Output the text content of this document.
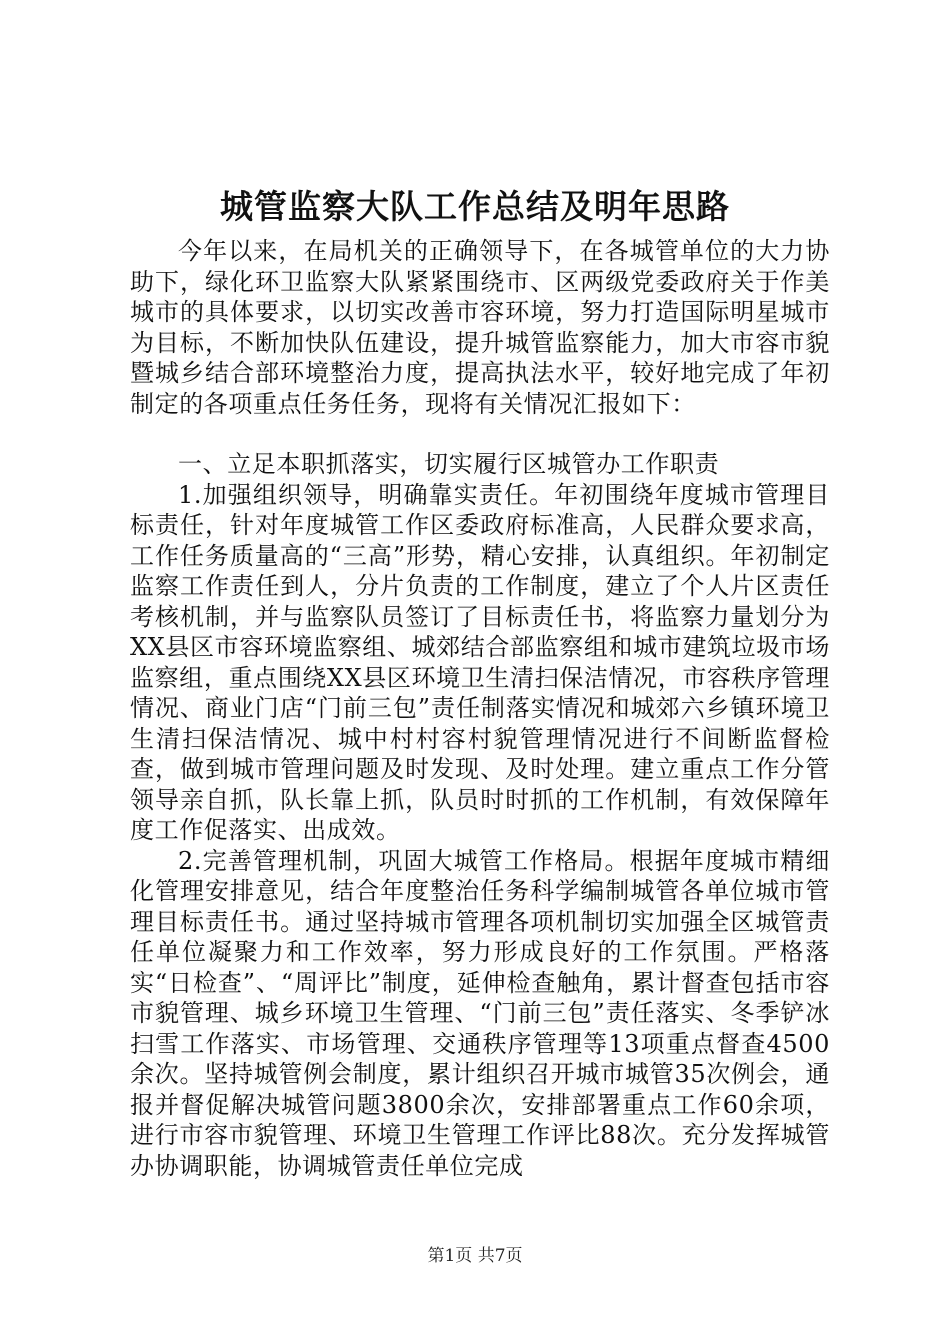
城管监察大队工作总结及明年思路

今年以来，在局机关的正确领导下，在各城管单位的大力协助下，绿化环卫监察大队紧紧围绕市、区两级党委政府关于作美城市的具体要求，以切实改善市容环境，努力打造国际明星城市为目标，不断加快队伍建设，提升城管监察能力，加大市容市貌暨城乡结合部环境整治力度，提高执法水平，较好地完成了年初制定的各项重点任务任务，现将有关情况汇报如下：

一、立足本职抓落实，切实履行区城管办工作职责

1.加强组织领导，明确靠实责任。年初围绕年度城市管理目标责任，针对年度城管工作区委政府标准高，人民群众要求高，工作任务质量高的“三高”形势，精心安排，认真组织。年初制定监察工作责任到人，分片负责的工作制度，建立了个人片区责任考核机制，并与监察队员签订了目标责任书，将监察力量划分为XX县区市容环境监察组、城郊结合部监察组和城市建筑垃圾市场监察组，重点围绕XX县区环境卫生清扫保洁情况，市容秩序管理情况、商业门店“门前三包”责任制落实情况和城郊六乡镇环境卫生清扫保洁情况、城中村村容村貌管理情况进行不间断监督检查，做到城市管理问题及时发现、及时处理。建立重点工作分管领导亲自抓，队长靠上抓，队员时时抓的工作机制，有效保障年度工作促落实、出成效。

2.完善管理机制，巩固大城管工作格局。根据年度城市精细化管理安排意见，结合年度整治任务科学编制城管各单位城市管理目标责任书。通过坚持城市管理各项机制切实加强全区城管责任单位凝聚力和工作效率，努力形成良好的工作氛围。严格落实“日检查”、“周评比”制度，延伸检查触角，累计督查包括市容市貌管理、城乡环境卫生管理、“门前三包”责任落实、冬季铲冰扫雪工作落实、市场管理、交通秩序管理等13项重点督查4500余次。坚持城管例会制度，累计组织召开城市城管35次例会，通报并督促解决城管问题3800余次，安排部署重点工作60余项，进行市容市貌管理、环境卫生管理工作评比88次。充分发挥城管办协调职能，协调城管责任单位完成

第1页 共7页
